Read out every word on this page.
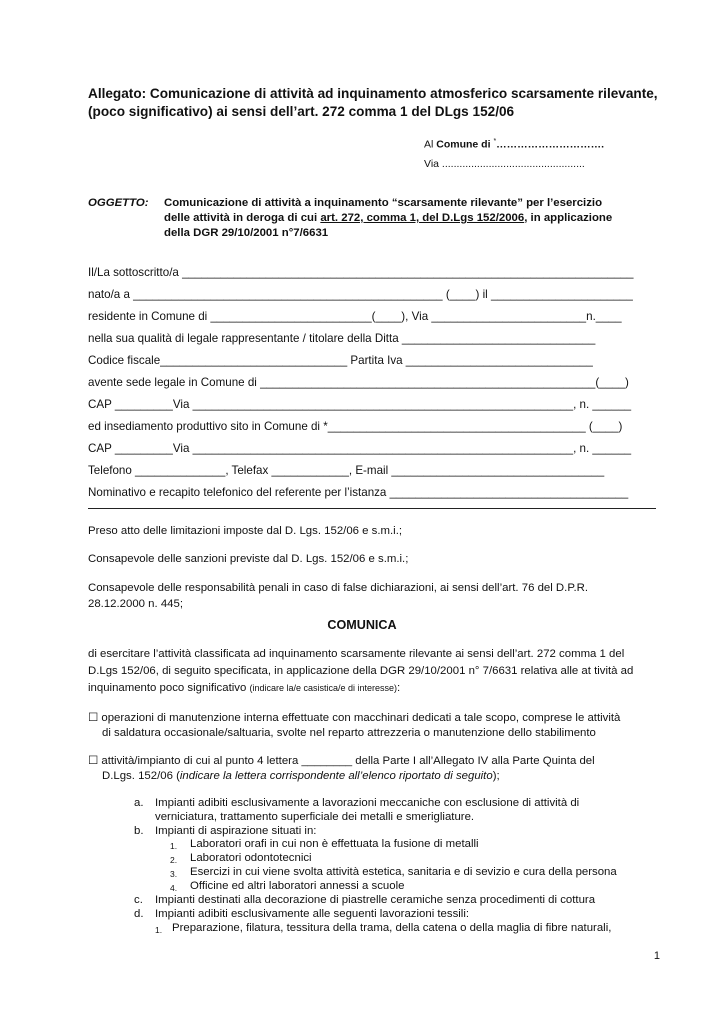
Allegato: Comunicazione di attività ad inquinamento atmosferico scarsamente rilevante,
(poco significativo) ai sensi dell’art. 272 comma 1 del DLgs 152/06
Al Comune di *………………………….
Via .................................................
OGGETTO: Comunicazione di attività a inquinamento “scarsamente rilevante” per l’esercizio
delle attività in deroga di cui art. 272, comma 1, del D.Lgs 152/2006, in applicazione
della DGR 29/10/2001 n°7/6631
Il/La sottoscritto/a ______________________________________________________________________
nato/a a ________________________________________________ (____) il ______________________
residente in Comune di _________________________(____), Via ________________________n.____
nella sua qualità di legale rappresentante / titolare della Ditta ______________________________
Codice fiscale_____________________________ Partita Iva _____________________________
avente sede legale in Comune di ____________________________________________________(____)
CAP _________Via ___________________________________________________________, n. ______
ed insediamento produttivo sito in Comune di *________________________________________ (____)
CAP _________Via ___________________________________________________________, n. ______
Telefono ______________, Telefax ____________, E-mail _________________________________
Nominativo e recapito telefonico del referente per l’istanza _____________________________________
Preso atto delle limitazioni imposte dal D. Lgs. 152/06 e s.m.i.;
Consapevole delle sanzioni previste dal D. Lgs. 152/06 e s.m.i.;
Consapevole delle responsabilità penali in caso di false dichiarazioni, ai sensi dell’art. 76 del D.P.R.
28.12.2000 n. 445;
COMUNICA
di esercitare l’attività classificata ad inquinamento scarsamente rilevante ai sensi dell’art. 272 comma 1 del
D.Lgs 152/06, di seguito specificata, in applicazione della DGR 29/10/2001 n° 7/6631 relativa alle at tività ad
inquinamento poco significativo (indicare la/e casistica/e di interesse):
☐ operazioni di manutenzione interna effettuate con macchinari dedicati a tale scopo, comprese le attività
di saldatura occasionale/saltuaria, svolte nel reparto attrezzeria o manutenzione dello stabilimento
☐ attività/impianto di cui al punto 4 lettera ________ della Parte I all’Allegato IV alla Parte Quinta del
D.Lgs. 152/06 (indicare la lettera corrispondente all’elenco riportato di seguito);
a. Impianti adibiti esclusivamente a lavorazioni meccaniche con esclusione di attività di
verniciatura, trattamento superficiale dei metalli e smerigliature.
b. Impianti di aspirazione situati in:
1. Laboratori orafi in cui non è effettuata la fusione di metalli
2. Laboratori odontotecnici
3. Esercizi in cui viene svolta attività estetica, sanitaria e di sevizio e cura della persona
4. Officine ed altri laboratori annessi a scuole
c. Impianti destinati alla decorazione di piastrelle ceramiche senza procedimenti di cottura
d. Impianti adibiti esclusivamente alle seguenti lavorazioni tessili:
1. Preparazione, filatura, tessitura della trama, della catena o della maglia di fibre naturali,
1
